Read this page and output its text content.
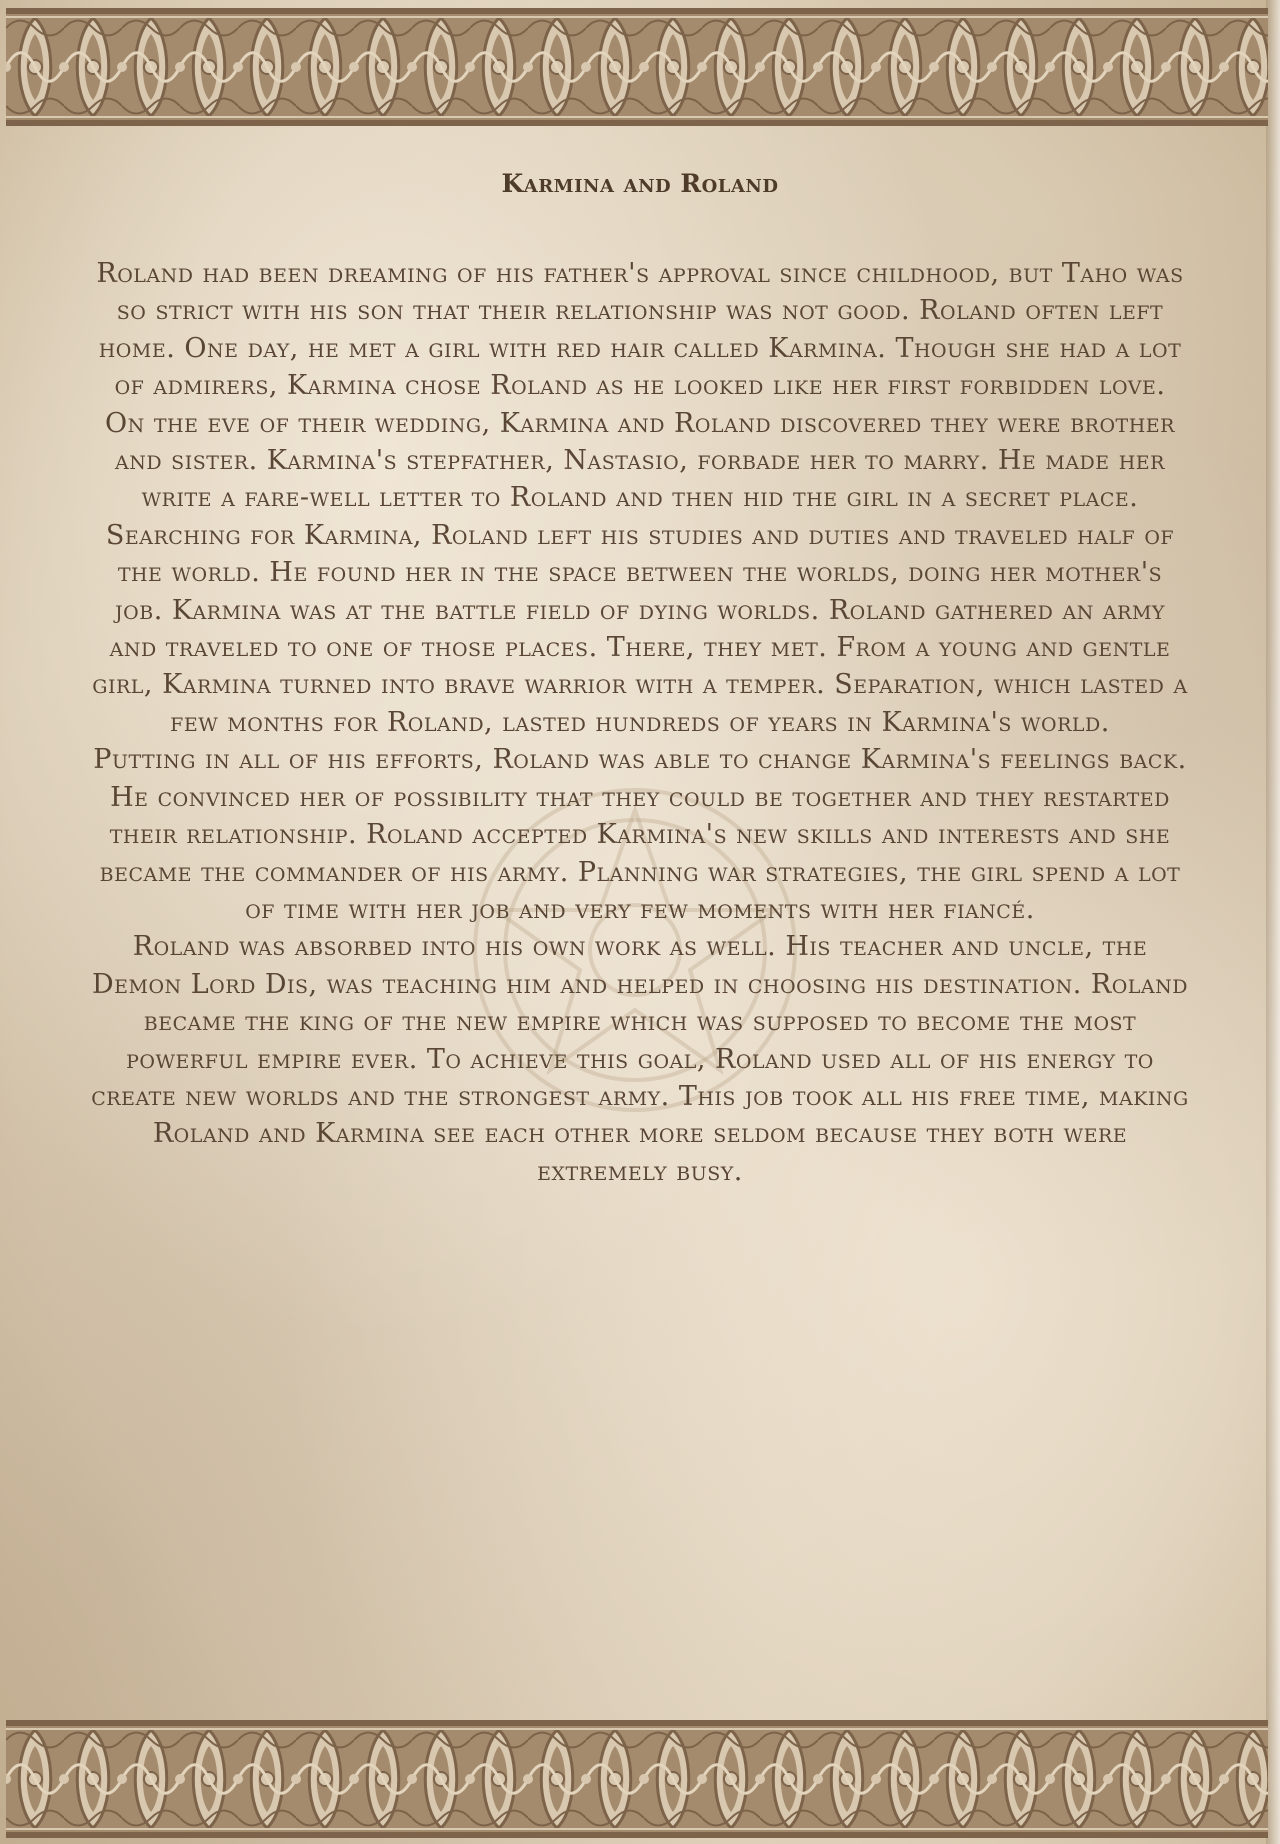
Karmina and Roland

Roland had been dreaming of his father's approval since childhood, but Taho was so strict with his son that their relationship was not good. Roland often left home. One day, he met a girl with red hair called Karmina. Though she had a lot of admirers, Karmina chose Roland as he looked like her first forbidden love.

On the eve of their wedding, Karmina and Roland discovered they were brother and sister. Karmina's stepfather, Nastasio, forbade her to marry. He made her write a fare-well letter to Roland and then hid the girl in a secret place.

Searching for Karmina, Roland left his studies and duties and traveled half of the world. He found her in the space between the worlds, doing her mother's job. Karmina was at the battle field of dying worlds. Roland gathered an army and traveled to one of those places. There, they met. From a young and gentle girl, Karmina turned into brave warrior with a temper. Separation, which lasted a few months for Roland, lasted hundreds of years in Karmina's world.

Putting in all of his efforts, Roland was able to change Karmina's feelings back. He convinced her of possibility that they could be together and they restarted their relationship. Roland accepted Karmina's new skills and interests and she became the commander of his army. Planning war strategies, the girl spend a lot of time with her job and very few moments with her fiancé.

Roland was absorbed into his own work as well. His teacher and uncle, the Demon Lord Dis, was teaching him and helped in choosing his destination. Roland became the king of the new empire which was supposed to become the most powerful empire ever. To achieve this goal, Roland used all of his energy to create new worlds and the strongest army. This job took all his free time, making Roland and Karmina see each other more seldom because they both were extremely busy.
